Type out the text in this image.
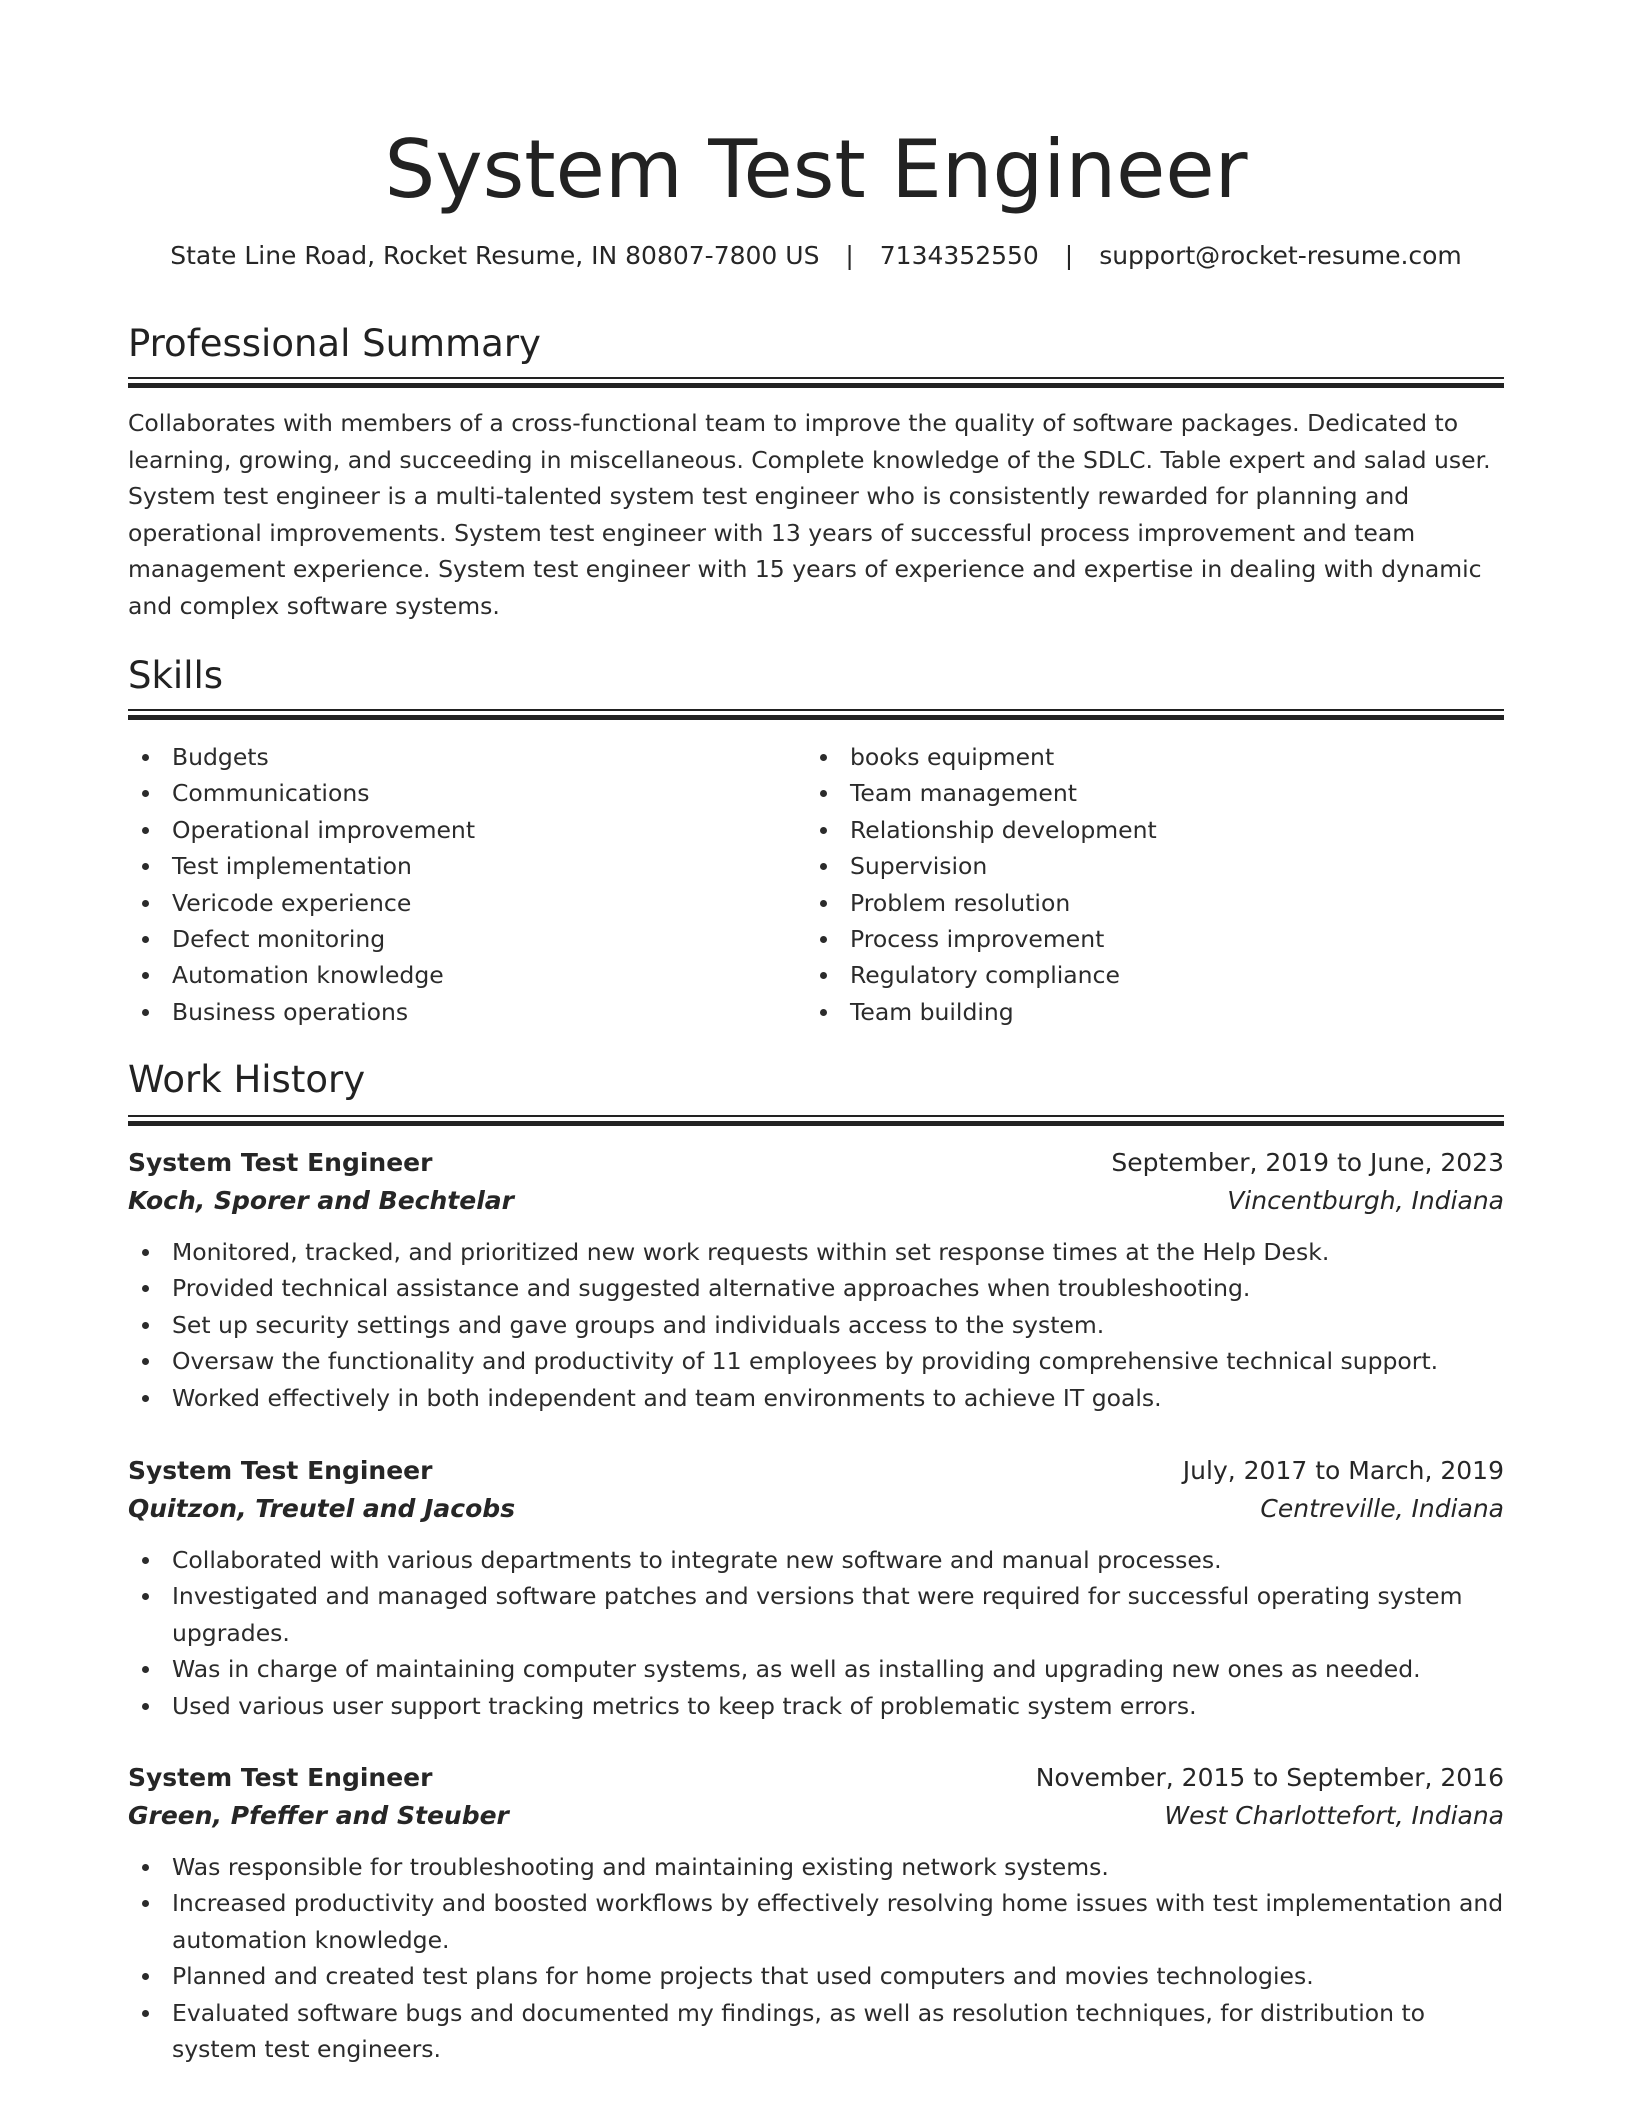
System Test Engineer
State Line Road, Rocket Resume, IN 80807-7800 US | 7134352550 | support@rocket-resume.com
Professional Summary

Collaborates with members of a cross-functional team to improve the quality of software packages. Dedicated to learning, growing, and succeeding in miscellaneous. Complete knowledge of the SDLC. Table expert and salad user. System test engineer is a multi-talented system test engineer who is consistently rewarded for planning and operational improvements. System test engineer with 13 years of successful process improvement and team management experience. System test engineer with 15 years of experience and expertise in dealing with dynamic and complex software systems.

Skills
Budgets
Communications
Operational improvement
Test implementation
Vericode experience
Defect monitoring
Automation knowledge
Business operations
books equipment
Team management
Relationship development
Supervision
Problem resolution
Process improvement
Regulatory compliance
Team building
Work History
System Test Engineer	September, 2019 to June, 2023
Koch, Sporer and Bechtelar	Vincentburgh, Indiana
Monitored, tracked, and prioritized new work requests within set response times at the Help Desk.
Provided technical assistance and suggested alternative approaches when troubleshooting.
Set up security settings and gave groups and individuals access to the system.
Oversaw the functionality and productivity of 11 employees by providing comprehensive technical support.
Worked effectively in both independent and team environments to achieve IT goals.
System Test Engineer	July, 2017 to March, 2019
Quitzon, Treutel and Jacobs	Centreville, Indiana
Collaborated with various departments to integrate new software and manual processes.
Investigated and managed software patches and versions that were required for successful operating system upgrades.
Was in charge of maintaining computer systems, as well as installing and upgrading new ones as needed.
Used various user support tracking metrics to keep track of problematic system errors.
System Test Engineer	November, 2015 to September, 2016
Green, Pfeffer and Steuber	West Charlottefort, Indiana
Was responsible for troubleshooting and maintaining existing network systems.
Increased productivity and boosted workflows by effectively resolving home issues with test implementation and automation knowledge.
Planned and created test plans for home projects that used computers and movies technologies.
Evaluated software bugs and documented my findings, as well as resolution techniques, for distribution to system test engineers.
